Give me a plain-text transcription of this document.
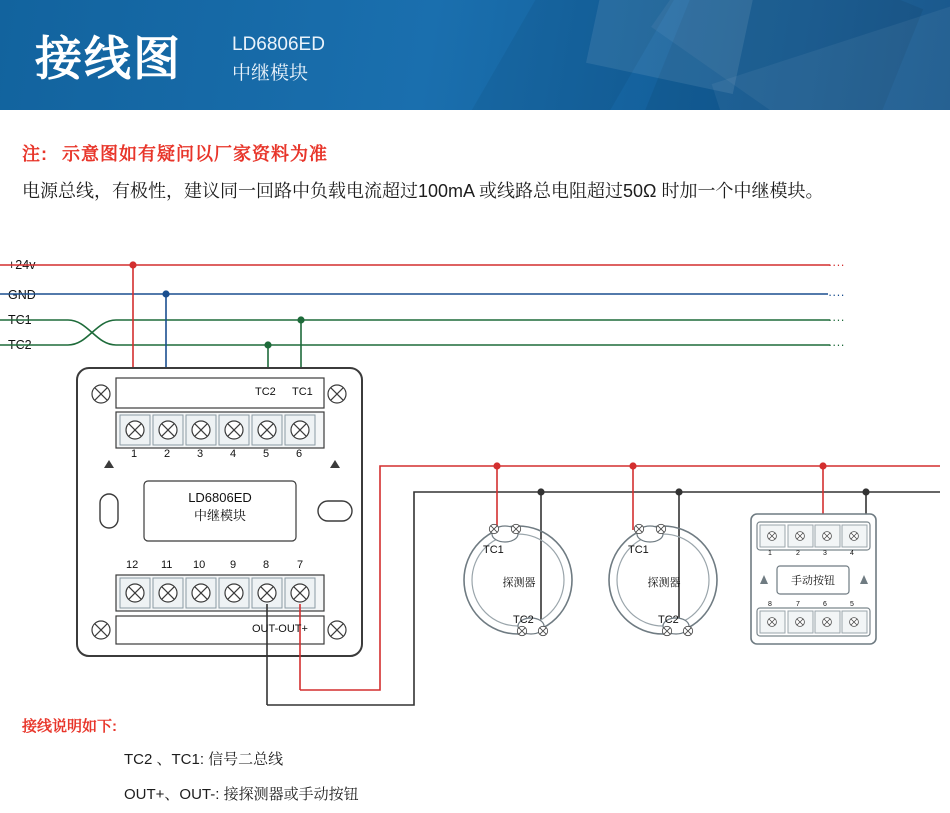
接线图	LD6806ED
中继模块
注: 示意图如有疑问以厂家资料为准
电源总线，有极性，建议同一回路中负载电流超过100mA 或线路总电阻超过50Ω 时加一个中继模块。
+24v
GND
TC1
TC2
····
····
····
····
TC2 TC1
1 2 3 4 5 6
LD6806ED
中继模块
12 11 10 9 8	7
OUT-OUT+
TC1
探测器
TC2
TC1
探测器
TC2
1	2	3	4
手动按钮
8	7	6	5
接线说明如下:
TC2 、TC1: 信号二总线
OUT+、OUT-: 接探测器或手动按钮
